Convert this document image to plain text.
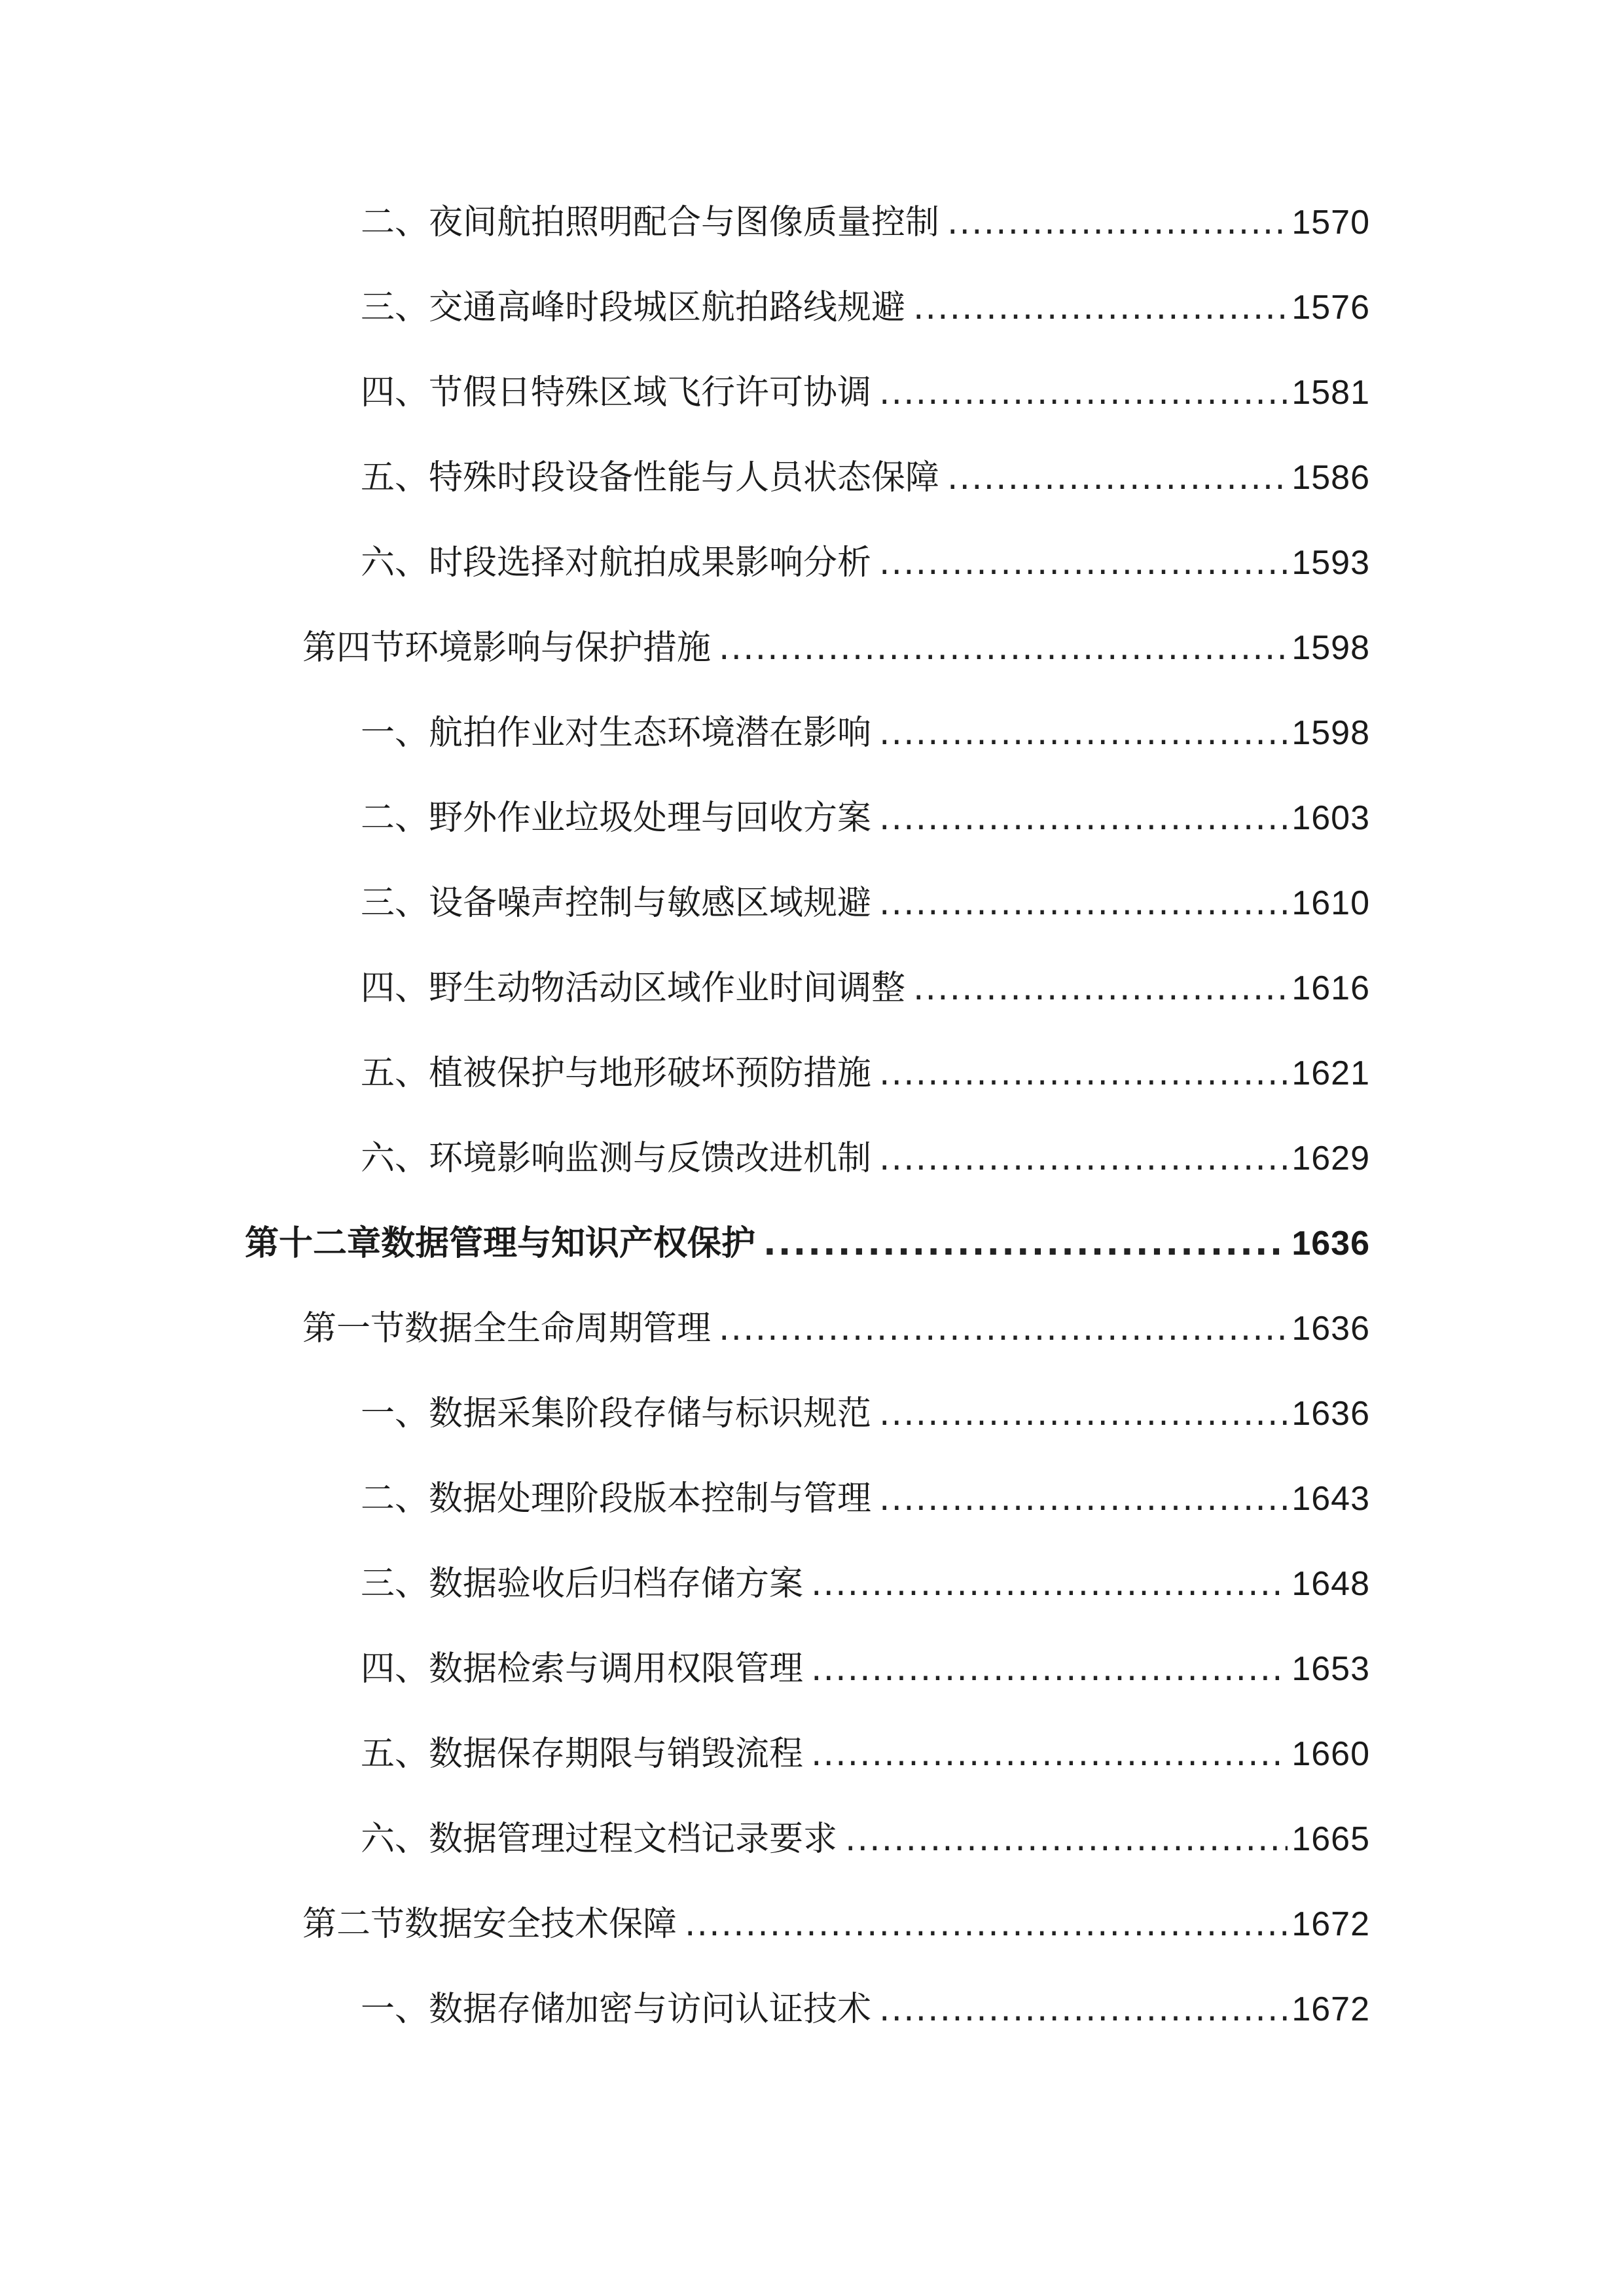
二、夜间航拍照明配合与图像质量控制 .....	1570
三、交通高峰时段城区航拍路线规避 .....	1576
四、节假日特殊区域飞行许可协调 .....	1581
五、特殊时段设备性能与人员状态保障 .....	1586
六、时段选择对航拍成果影响分析 .....	1593
第四节环境影响与保护措施 .....	1598
一、航拍作业对生态环境潜在影响 .....	1598
二、野外作业垃圾处理与回收方案 .....	1603
三、设备噪声控制与敏感区域规避 .....	1610
四、野生动物活动区域作业时间调整 .....	1616
五、植被保护与地形破坏预防措施 .....	1621
六、环境影响监测与反馈改进机制 .....	1629
第十二章数据管理与知识产权保护 .....	1636
第一节数据全生命周期管理 .....	1636
一、数据采集阶段存储与标识规范 .....	1636
二、数据处理阶段版本控制与管理 .....	1643
三、数据验收后归档存储方案 .....	1648
四、数据检索与调用权限管理 .....	1653
五、数据保存期限与销毁流程 .....	1660
六、数据管理过程文档记录要求 .....	1665
第二节数据安全技术保障 .....	1672
一、数据存储加密与访问认证技术 .....	1672
